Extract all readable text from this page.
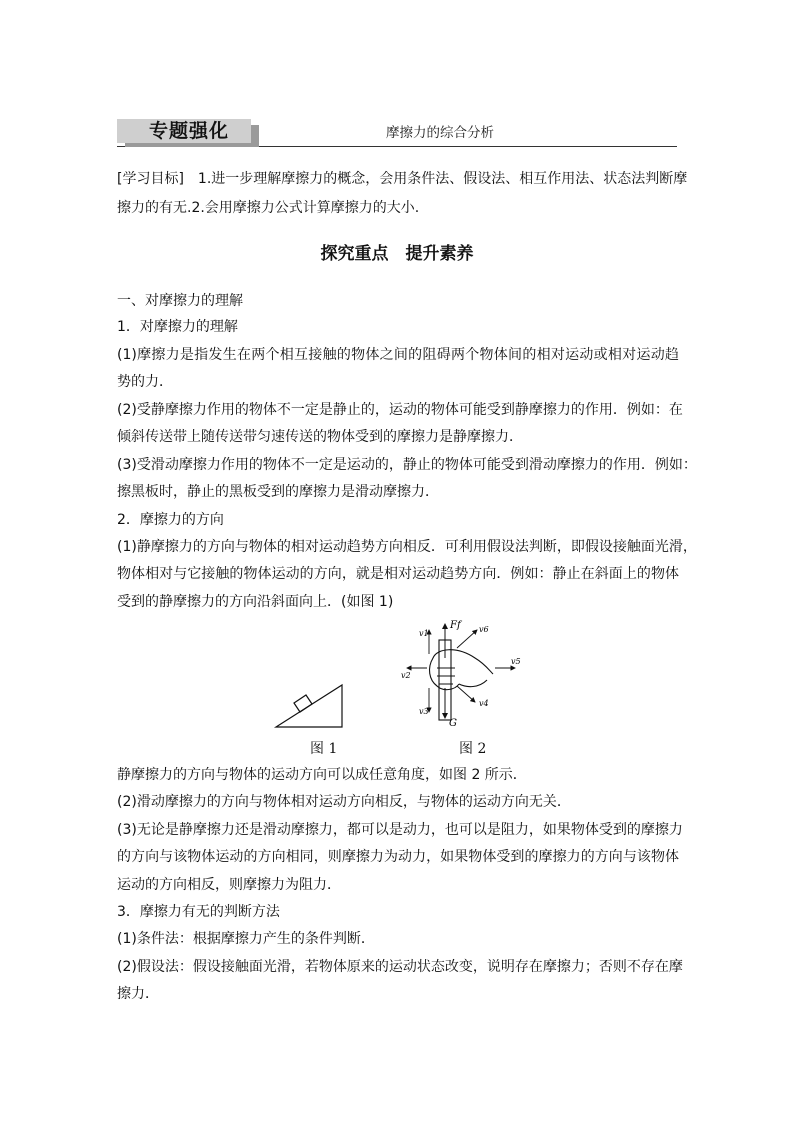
专题强化	摩擦力的综合分析
[学习目标]　1.进一步理解摩擦力的概念，会用条件法、假设法、相互作用法、状态法判断摩
擦力的有无.2.会用摩擦力公式计算摩擦力的大小.
探究重点　提升素养
一、对摩擦力的理解
1．对摩擦力的理解
(1)摩擦力是指发生在两个相互接触的物体之间的阻碍两个物体间的相对运动或相对运动趋
势的力．
(2)受静摩擦力作用的物体不一定是静止的，运动的物体可能受到静摩擦力的作用．例如：在
倾斜传送带上随传送带匀速传送的物体受到的摩擦力是静摩擦力．
(3)受滑动摩擦力作用的物体不一定是运动的，静止的物体可能受到滑动摩擦力的作用．例如：
擦黑板时，静止的黑板受到的摩擦力是滑动摩擦力．
2．摩擦力的方向
(1)静摩擦力的方向与物体的相对运动趋势方向相反．可利用假设法判断，即假设接触面光滑，
物体相对与它接触的物体运动的方向，就是相对运动趋势方向．例如：静止在斜面上的物体
受到的静摩擦力的方向沿斜面向上．(如图 1)
图 1
Ff
G
v1
v2
v3
v4
v5
v6
图 2
静摩擦力的方向与物体的运动方向可以成任意角度，如图 2 所示．
(2)滑动摩擦力的方向与物体相对运动方向相反，与物体的运动方向无关．
(3)无论是静摩擦力还是滑动摩擦力，都可以是动力，也可以是阻力，如果物体受到的摩擦力
的方向与该物体运动的方向相同，则摩擦力为动力，如果物体受到的摩擦力的方向与该物体
运动的方向相反，则摩擦力为阻力．
3．摩擦力有无的判断方法
(1)条件法：根据摩擦力产生的条件判断．
(2)假设法：假设接触面光滑，若物体原来的运动状态改变，说明存在摩擦力；否则不存在摩
擦力．
